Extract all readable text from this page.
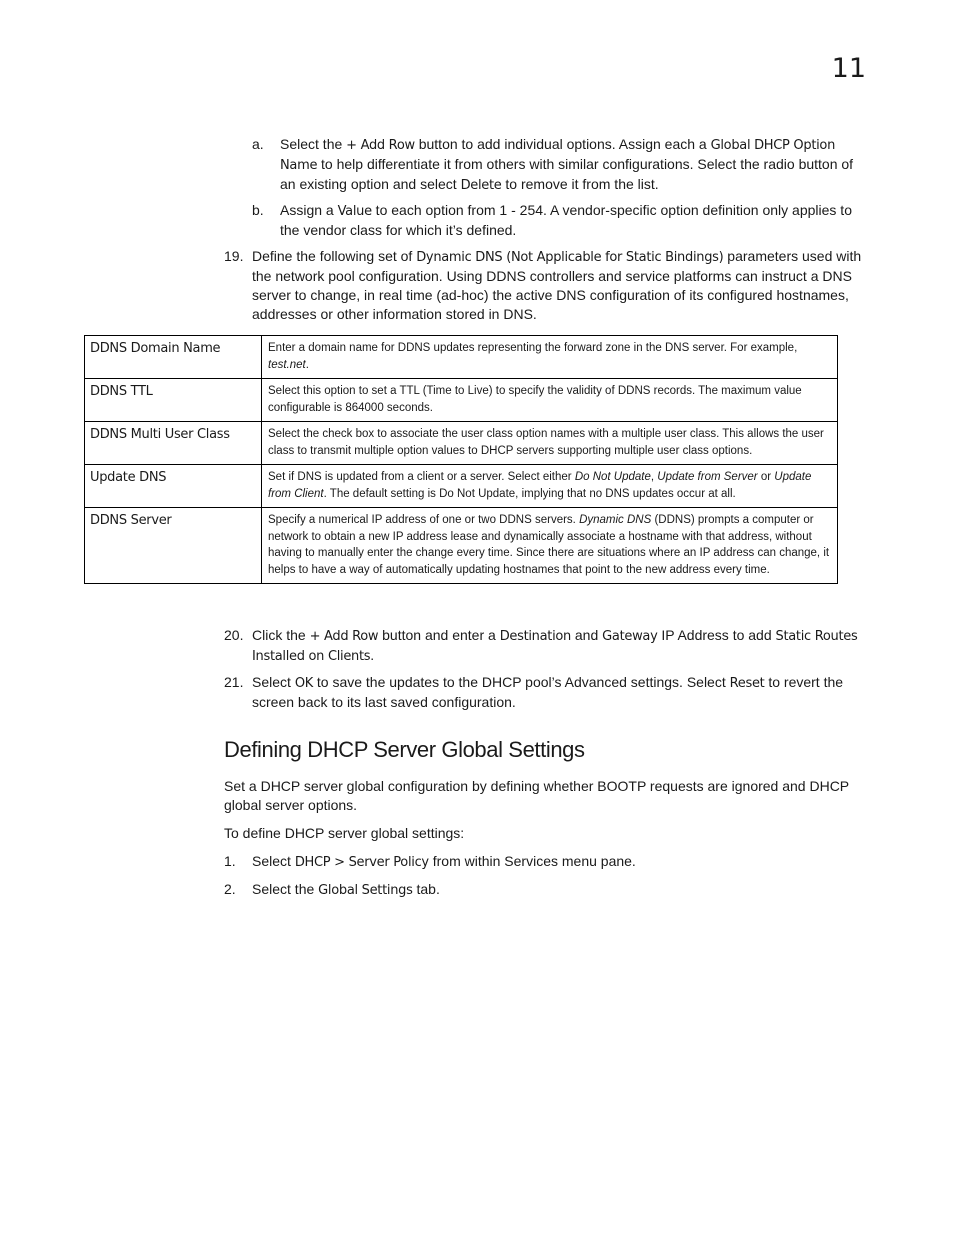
11
a. Select the + Add Row button to add individual options. Assign each a Global DHCP Option Name to help differentiate it from others with similar configurations. Select the radio button of an existing option and select Delete to remove it from the list.
b. Assign a Value to each option from 1 - 254. A vendor-specific option definition only applies to the vendor class for which it’s defined.
19. Define the following set of Dynamic DNS (Not Applicable for Static Bindings) parameters used with the network pool configuration. Using DDNS controllers and service platforms can instruct a DNS server to change, in real time (ad-hoc) the active DNS configuration of its configured hostnames, addresses or other information stored in DNS.
DDNS Domain Name	Enter a domain name for DDNS updates representing the forward zone in the DNS server. For example, test.net.
DDNS TTL	Select this option to set a TTL (Time to Live) to specify the validity of DDNS records. The maximum value configurable is 864000 seconds.
DDNS Multi User Class	Select the check box to associate the user class option names with a multiple user class. This allows the user class to transmit multiple option values to DHCP servers supporting multiple user class options.
Update DNS	Set if DNS is updated from a client or a server. Select either Do Not Update, Update from Server or Update from Client. The default setting is Do Not Update, implying that no DNS updates occur at all.
DDNS Server	Specify a numerical IP address of one or two DDNS servers. Dynamic DNS (DDNS) prompts a computer or network to obtain a new IP address lease and dynamically associate a hostname with that address, without having to manually enter the change every time. Since there are situations where an IP address can change, it helps to have a way of automatically updating hostnames that point to the new address every time.
20. Click the + Add Row button and enter a Destination and Gateway IP Address to add Static Routes Installed on Clients.
21. Select OK to save the updates to the DHCP pool’s Advanced settings. Select Reset to revert the screen back to its last saved configuration.
Defining DHCP Server Global Settings
Set a DHCP server global configuration by defining whether BOOTP requests are ignored and DHCP global server options.
To define DHCP server global settings:
1. Select DHCP > Server Policy from within Services menu pane.
2. Select the Global Settings tab.
